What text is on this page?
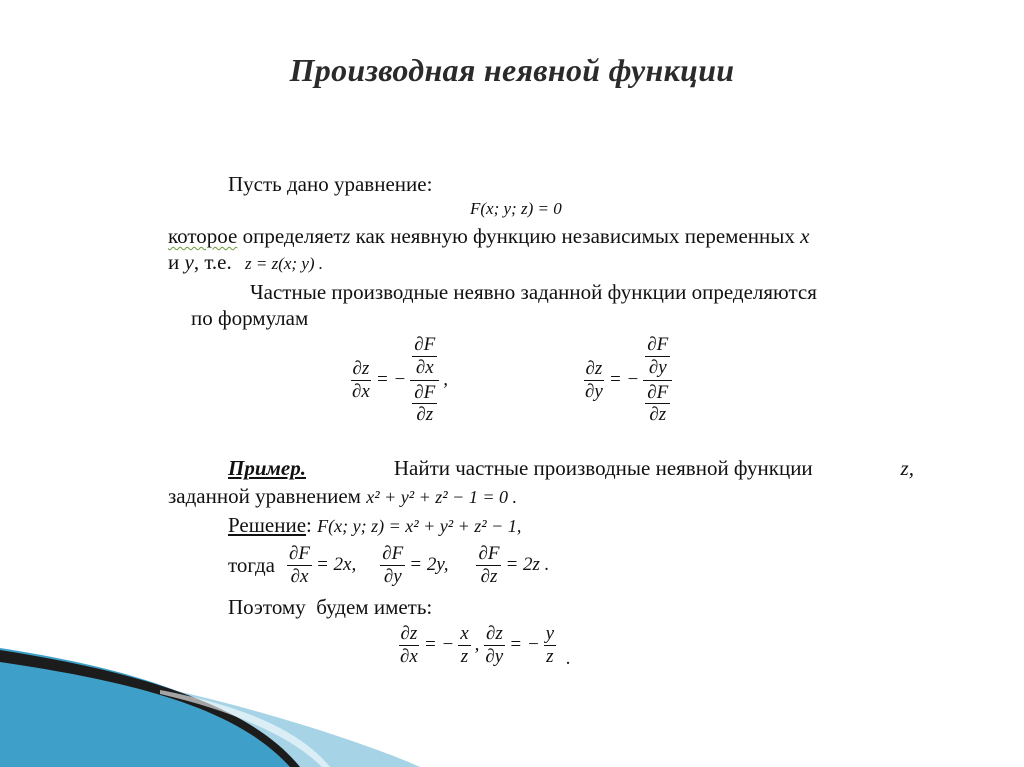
Производная неявной функции
Пусть дано уравнение:
F(x; y; z) = 0
которое определяетz как неявную функцию независимых переменных x
и y, т.е. z = z(x; y) .
Частные производные неявно заданной функции определяются
по формулам
$\frac{\partial z}{\partial x}$ = − $\frac{\frac{\partial F}{\partial x}}{\frac{\partial F}{\partial z}}$ ,	$\frac{\partial z}{\partial y}$ = − $\frac{\frac{\partial F}{\partial y}}{\frac{\partial F}{\partial z}}$
Пример.	Найти частные производные неявной функции	z,
заданной уравнением x² + y² + z² − 1 = 0 .
Решение: F(x; y; z) = x² + y² + z² − 1,
тогда $\frac{\partial F}{\partial x} = 2x$, $\frac{\partial F}{\partial y} = 2y$, $\frac{\partial F}{\partial z} = 2z$ .
Поэтому  будем иметь:
$\frac{\partial z}{\partial x}$ = − $\frac{x}{z}$ , $\frac{\partial z}{\partial y}$ = − $\frac{y}{z}$ .
